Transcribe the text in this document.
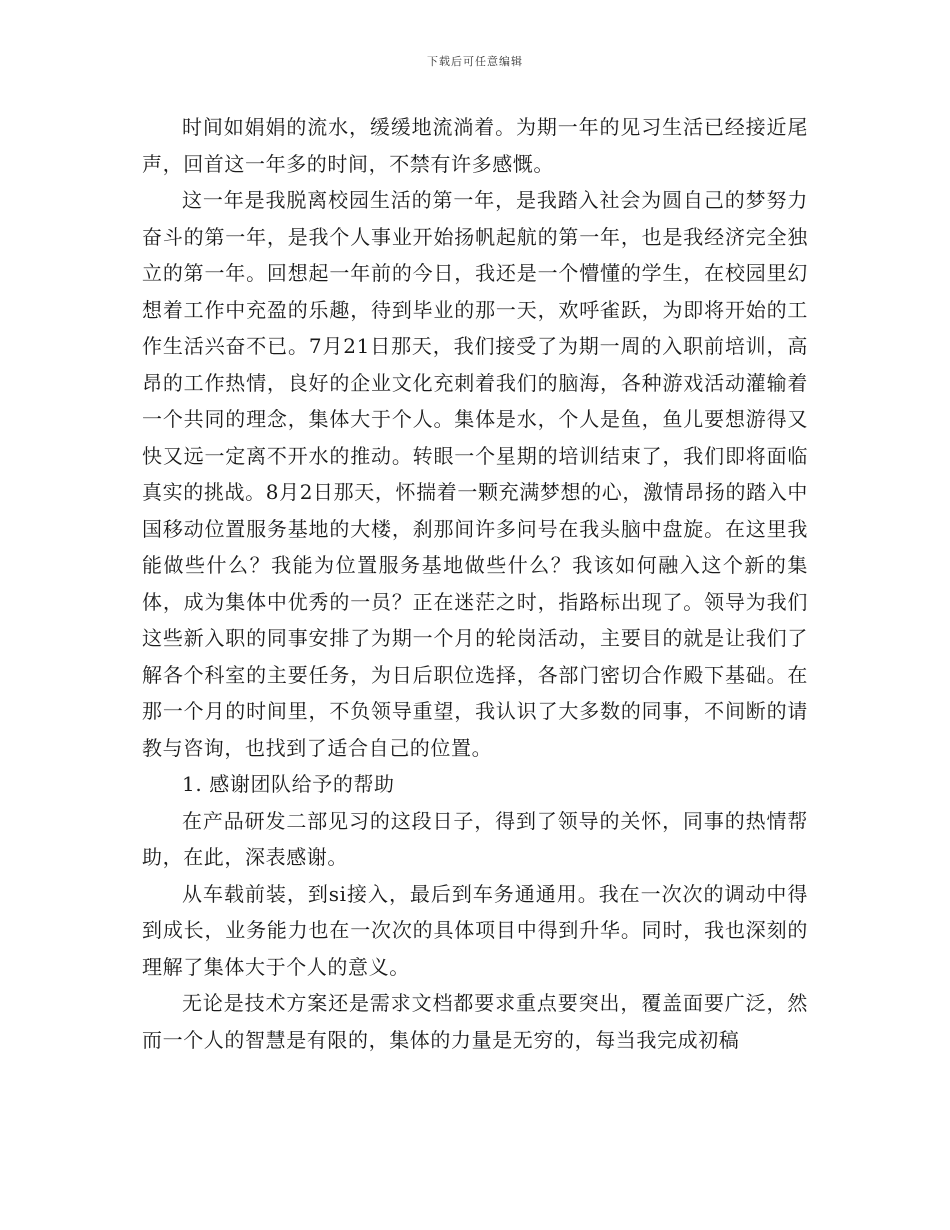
下载后可任意编辑

时间如娟娟的流水，缓缓地流淌着。为期一年的见习生活已经接近尾声，回首这一年多的时间，不禁有许多感慨。

这一年是我脱离校园生活的第一年，是我踏入社会为圆自己的梦努力奋斗的第一年，是我个人事业开始扬帆起航的第一年，也是我经济完全独立的第一年。回想起一年前的今日，我还是一个懵懂的学生，在校园里幻想着工作中充盈的乐趣，待到毕业的那一天，欢呼雀跃，为即将开始的工作生活兴奋不已。7月21日那天，我们接受了为期一周的入职前培训，高昂的工作热情，良好的企业文化充刺着我们的脑海，各种游戏活动灌输着一个共同的理念，集体大于个人。集体是水，个人是鱼，鱼儿要想游得又快又远一定离不开水的推动。转眼一个星期的培训结束了，我们即将面临真实的挑战。8月2日那天，怀揣着一颗充满梦想的心，激情昂扬的踏入中国移动位置服务基地的大楼，刹那间许多问号在我头脑中盘旋。在这里我能做些什么？我能为位置服务基地做些什么？我该如何融入这个新的集体，成为集体中优秀的一员？正在迷茫之时，指路标出现了。领导为我们这些新入职的同事安排了为期一个月的轮岗活动，主要目的就是让我们了解各个科室的主要任务，为日后职位选择，各部门密切合作殿下基础。在那一个月的时间里，不负领导重望，我认识了大多数的同事，不间断的请教与咨询，也找到了适合自己的位置。

1. 感谢团队给予的帮助

在产品研发二部见习的这段日子，得到了领导的关怀，同事的热情帮助，在此，深表感谢。

从车载前装，到si接入，最后到车务通通用。我在一次次的调动中得到成长，业务能力也在一次次的具体项目中得到升华。同时，我也深刻的理解了集体大于个人的意义。

无论是技术方案还是需求文档都要求重点要突出，覆盖面要广泛，然而一个人的智慧是有限的，集体的力量是无穷的，每当我完成初稿
